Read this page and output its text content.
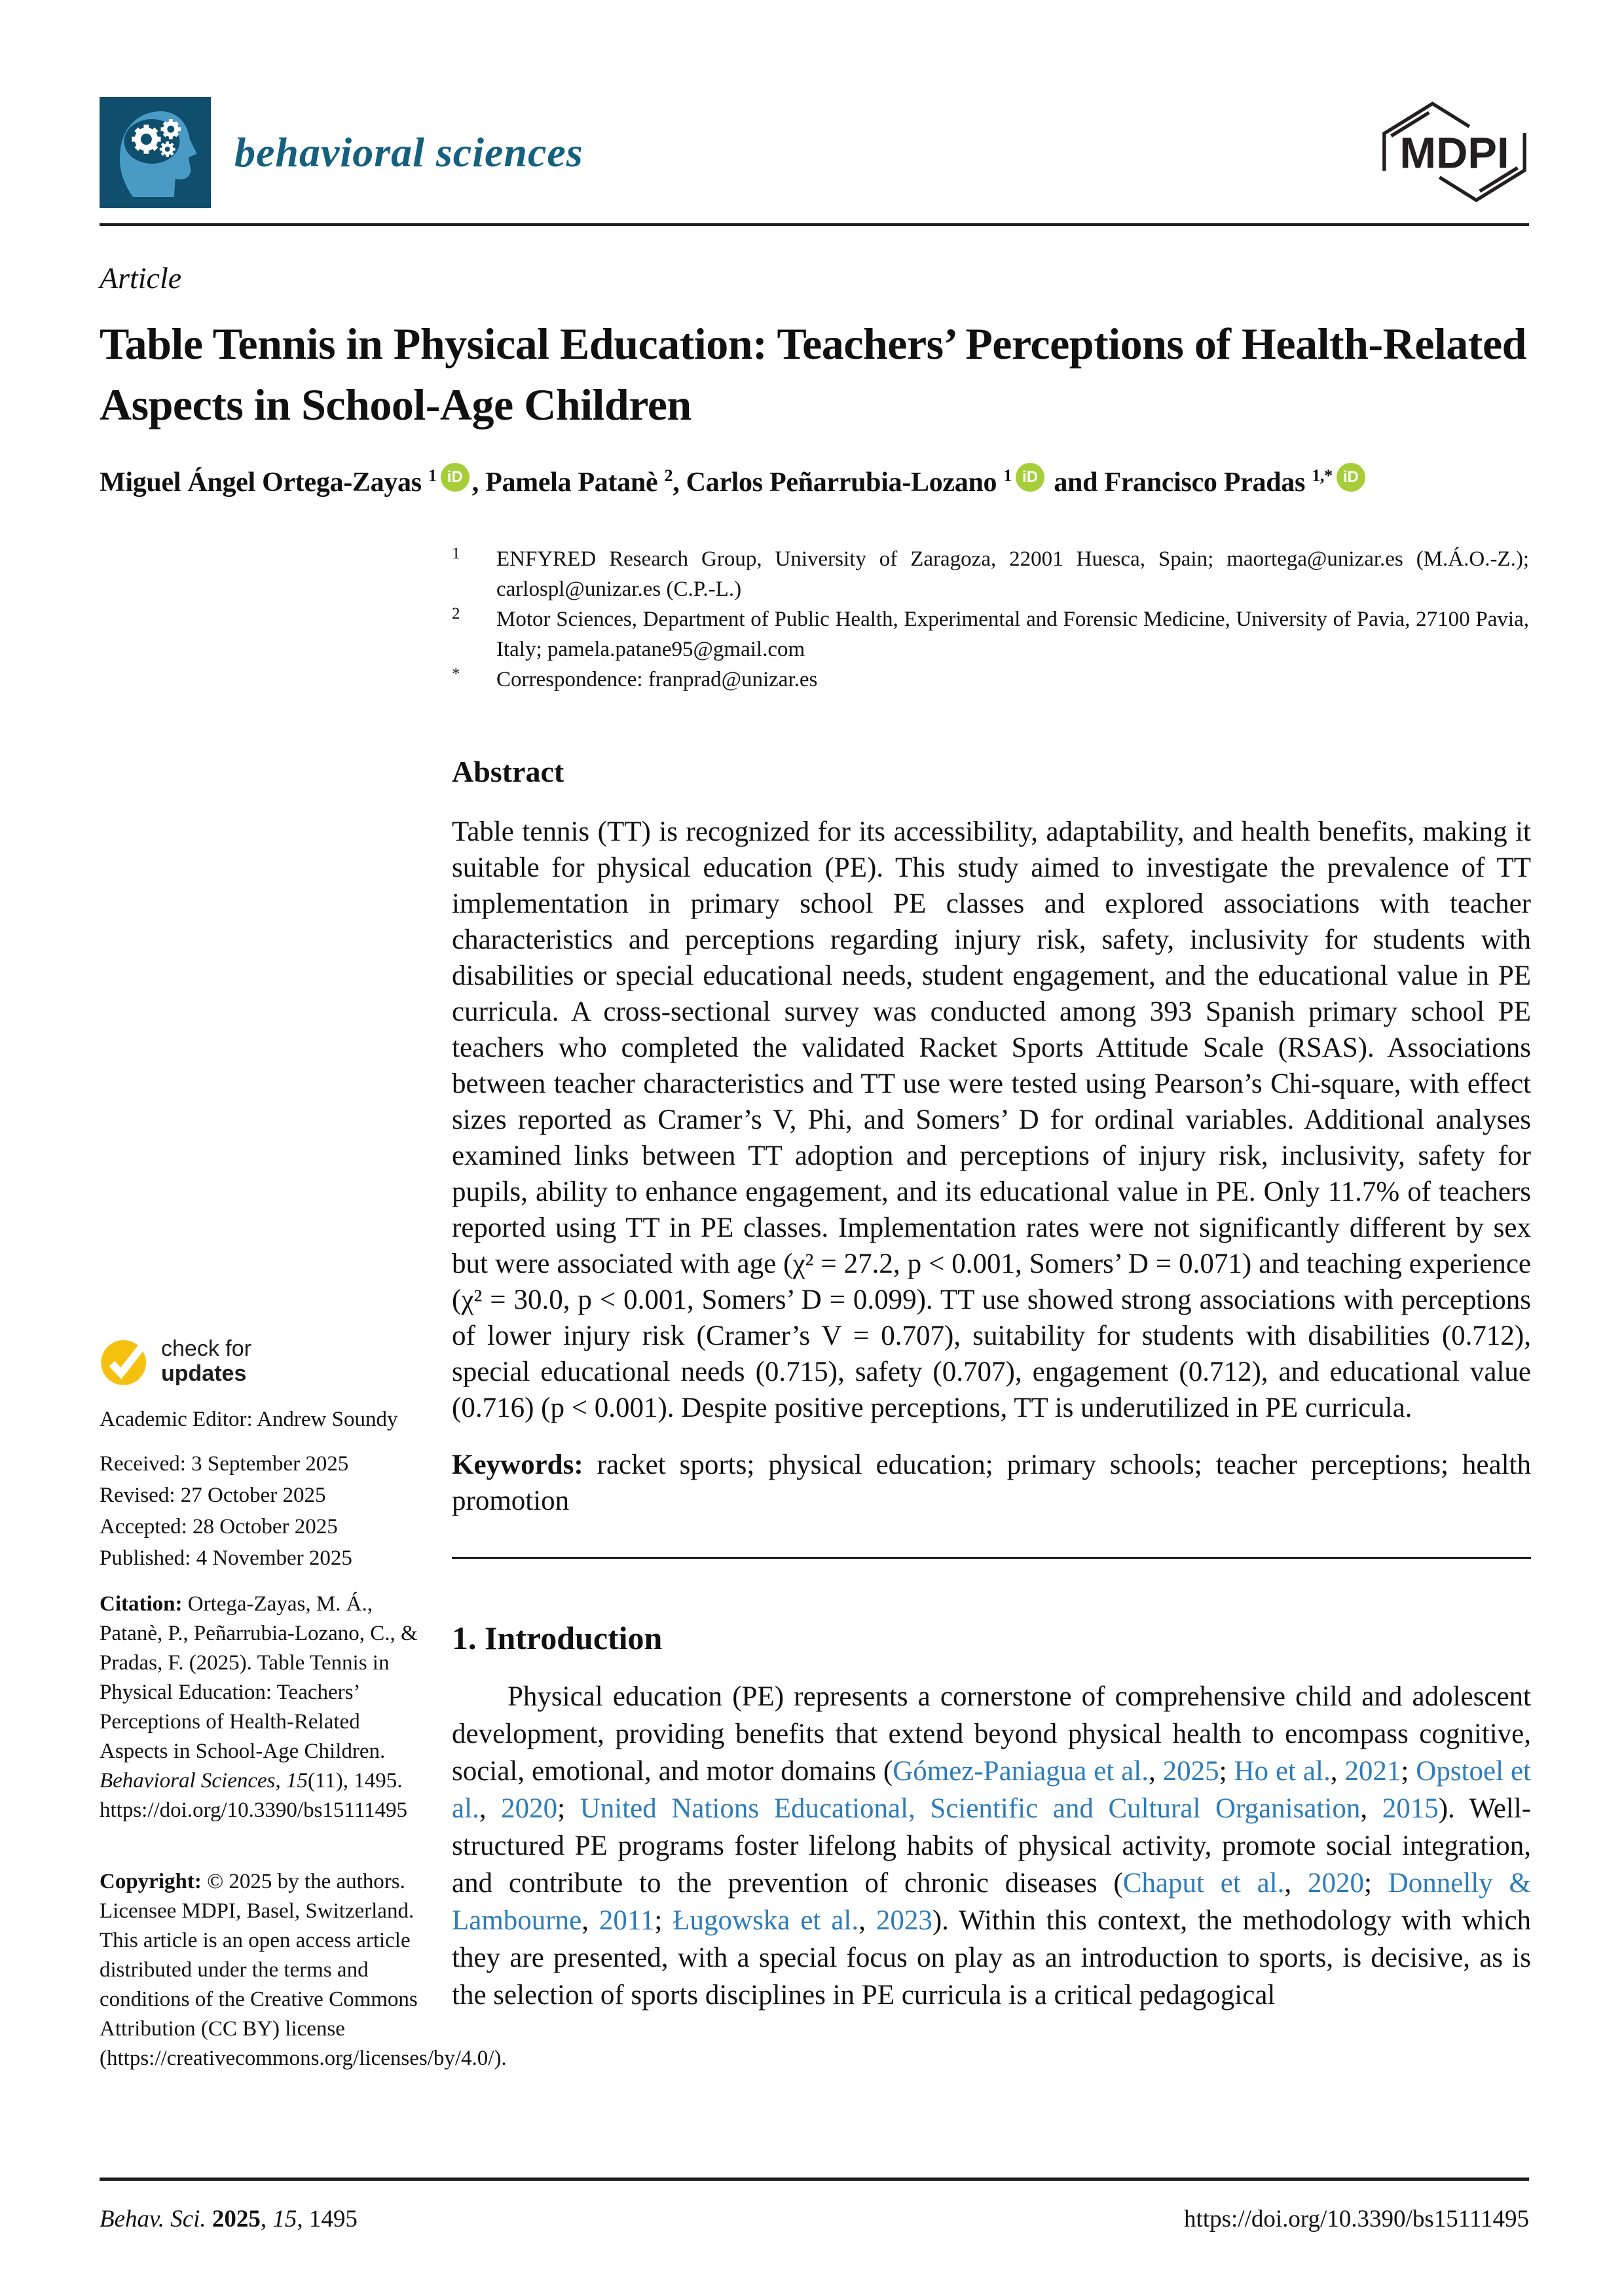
behavioral sciences	MDPI
Article
Table Tennis in Physical Education: Teachers’ Perceptions of Health-Related Aspects in School-Age Children
Miguel Ángel Ortega-Zayas $^1$ iD , Pamela Patanè $^2$, Carlos Peñarrubia-Lozano $^1$ iD and Francisco Pradas $^{1,*}$ iD
1	ENFYRED Research Group, University of Zaragoza, 22001 Huesca, Spain; maortega@unizar.es (M.Á.O.-Z.); carlospl@unizar.es (C.P.-L.)
2	Motor Sciences, Department of Public Health, Experimental and Forensic Medicine, University of Pavia, 27100 Pavia, Italy; pamela.patane95@gmail.com
*	Correspondence: franprad@unizar.es
Abstract
Table tennis (TT) is recognized for its accessibility, adaptability, and health benefits, making it suitable for physical education (PE). This study aimed to investigate the prevalence of TT implementation in primary school PE classes and explored associations with teacher characteristics and perceptions regarding injury risk, safety, inclusivity for students with disabilities or special educational needs, student engagement, and the educational value in PE curricula. A cross-sectional survey was conducted among 393 Spanish primary school PE teachers who completed the validated Racket Sports Attitude Scale (RSAS). Associations between teacher characteristics and TT use were tested using Pearson’s Chi-square, with effect sizes reported as Cramer’s V, Phi, and Somers’ D for ordinal variables. Additional analyses examined links between TT adoption and perceptions of injury risk, inclusivity, safety for pupils, ability to enhance engagement, and its educational value in PE. Only 11.7% of teachers reported using TT in PE classes. Implementation rates were not significantly different by sex but were associated with age (χ² = 27.2, p < 0.001, Somers’ D = 0.071) and teaching experience (χ² = 30.0, p < 0.001, Somers’ D = 0.099). TT use showed strong associations with perceptions of lower injury risk (Cramer’s V = 0.707), suitability for students with disabilities (0.712), special educational needs (0.715), safety (0.707), engagement (0.712), and educational value (0.716) (p < 0.001). Despite positive perceptions, TT is underutilized in PE curricula.
Keywords: racket sports; physical education; primary schools; teacher perceptions; health promotion
1. Introduction

Physical education (PE) represents a cornerstone of comprehensive child and adolescent development, providing benefits that extend beyond physical health to encompass cognitive, social, emotional, and motor domains (Gómez-Paniagua et al., 2025; Ho et al., 2021; Opstoel et al., 2020; United Nations Educational, Scientific and Cultural Organisation, 2015). Well-structured PE programs foster lifelong habits of physical activity, promote social integration, and contribute to the prevention of chronic diseases (Chaput et al., 2020; Donnelly & Lambourne, 2011; Ługowska et al., 2023). Within this context, the methodology with which they are presented, with a special focus on play as an introduction to sports, is decisive, as is the selection of sports disciplines in PE curricula is a critical pedagogical

check for
updates
Academic Editor: Andrew Soundy
Received: 3 September 2025
Revised: 27 October 2025
Accepted: 28 October 2025
Published: 4 November 2025
Citation: Ortega-Zayas, M. Á., Patanè, P., Peñarrubia-Lozano, C., & Pradas, F. (2025). Table Tennis in Physical Education: Teachers’ Perceptions of Health-Related Aspects in School-Age Children. Behavioral Sciences, 15(11), 1495. https://doi.org/10.3390/bs15111495
Copyright: © 2025 by the authors. Licensee MDPI, Basel, Switzerland. This article is an open access article distributed under the terms and conditions of the Creative Commons Attribution (CC BY) license (https://creativecommons.org/licenses/by/4.0/).
Behav. Sci. 2025, 15, 1495	https://doi.org/10.3390/bs15111495
